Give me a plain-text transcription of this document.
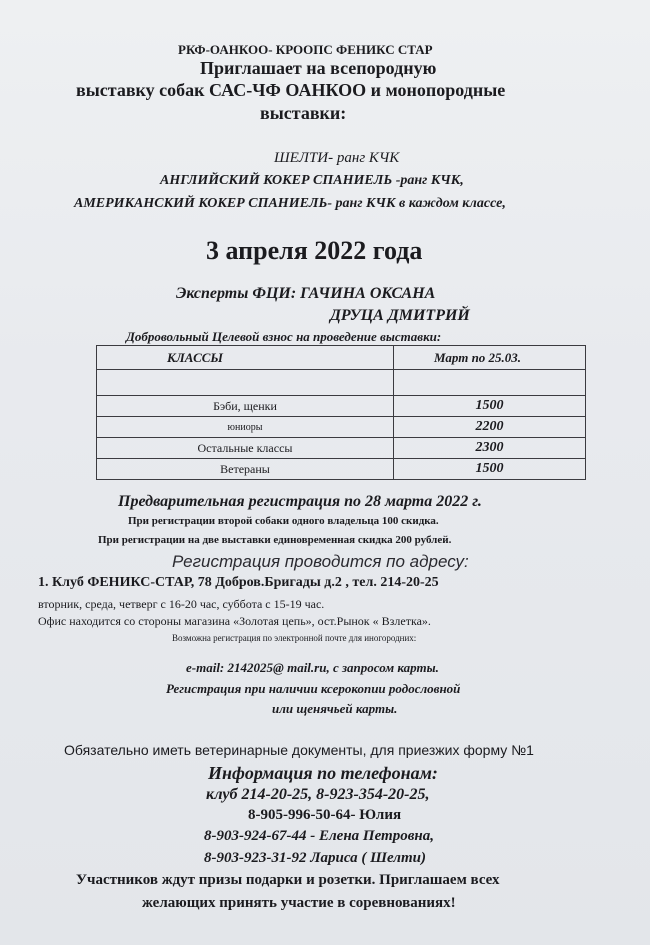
РКФ-ОАНКОО- КРООПС ФЕНИКС СТАР
Приглашает на всепородную
выставку собак САС-ЧФ ОАНКОО и монопородные
выставки:
ШЕЛТИ- ранг КЧК
АНГЛИЙСКИЙ КОКЕР СПАНИЕЛЬ -ранг КЧК,
АМЕРИКАНСКИЙ КОКЕР СПАНИЕЛЬ- ранг КЧК в каждом классе,
3 апреля 2022 года
Эксперты ФЦИ: ГАЧИНА ОКСАНА
ДРУЦА ДМИТРИЙ
Добровольный Целевой взнос на проведение выставки:
КЛАССЫ	Март по 25.03.

Бэби, щенки	1500
юниоры	2200
Остальные классы	2300
Ветераны	1500
Предварительная регистрация по 28 марта 2022 г.
При регистрации второй собаки одного владельца 100 скидка.
При регистрации на две выставки единовременная скидка 200 рублей.
Регистрация проводится по адресу:
1. Клуб ФЕНИКС-СТАР, 78 Добров.Бригады д.2 , тел. 214-20-25
вторник, среда, четверг с 16-20 час, суббота с 15-19 час.
Офис находится со стороны магазина «Золотая цепь», ост.Рынок « Взлетка».
Возможна регистрация по электронной почте для иногородних:
e-mail: 2142025@ mail.ru, с запросом карты.
Регистрация при наличии ксерокопии родословной
или щенячьей карты.
Обязательно иметь ветеринарные документы, для приезжих форму №1
Информация по телефонам:
клуб 214-20-25, 8-923-354-20-25,
8-905-996-50-64- Юлия
8-903-924-67-44 - Елена Петровна,
8-903-923-31-92 Лариса ( Шелти)
Участников ждут призы подарки и розетки. Приглашаем всех
желающих принять участие в соревнованиях!
